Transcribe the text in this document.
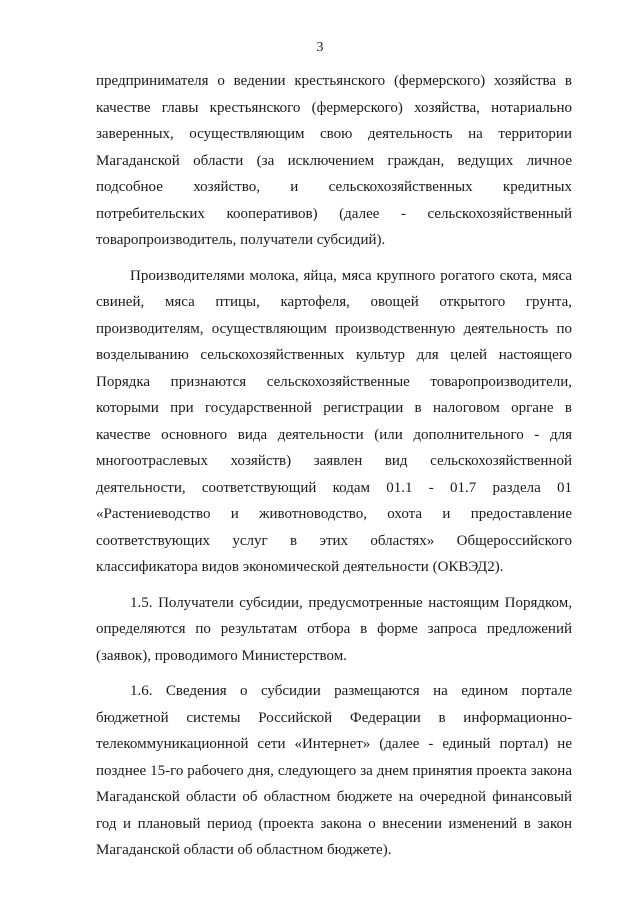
3

предпринимателя о ведении крестьянского (фермерского) хозяйства в качестве главы крестьянского (фермерского) хозяйства, нотариально заверенных, осуществляющим свою деятельность на территории Магаданской области (за исключением граждан, ведущих личное подсобное хозяйство, и сельскохозяйственных кредитных потребительских кооперативов) (далее - сельскохозяйственный товаропроизводитель, получатели субсидий).

Производителями молока, яйца, мяса крупного рогатого скота, мяса свиней, мяса птицы, картофеля, овощей открытого грунта, производителям, осуществляющим производственную деятельность по возделыванию сельскохозяйственных культур для целей настоящего Порядка признаются сельскохозяйственные товаропроизводители, которыми при государственной регистрации в налоговом органе в качестве основного вида деятельности (или дополнительного - для многоотраслевых хозяйств) заявлен вид сельскохозяйственной деятельности, соответствующий кодам 01.1 - 01.7 раздела 01 «Растениеводство и животноводство, охота и предоставление соответствующих услуг в этих областях» Общероссийского классификатора видов экономической деятельности (ОКВЭД2).

1.5. Получатели субсидии, предусмотренные настоящим Порядком, определяются по результатам отбора в форме запроса предложений (заявок), проводимого Министерством.

1.6. Сведения о субсидии размещаются на едином портале бюджетной системы Российской Федерации в информационно-телекоммуникационной сети «Интернет» (далее - единый портал) не позднее 15-го рабочего дня, следующего за днем принятия проекта закона Магаданской области об областном бюджете на очередной финансовый год и плановый период (проекта закона о внесении изменений в закон Магаданской области об областном бюджете).
